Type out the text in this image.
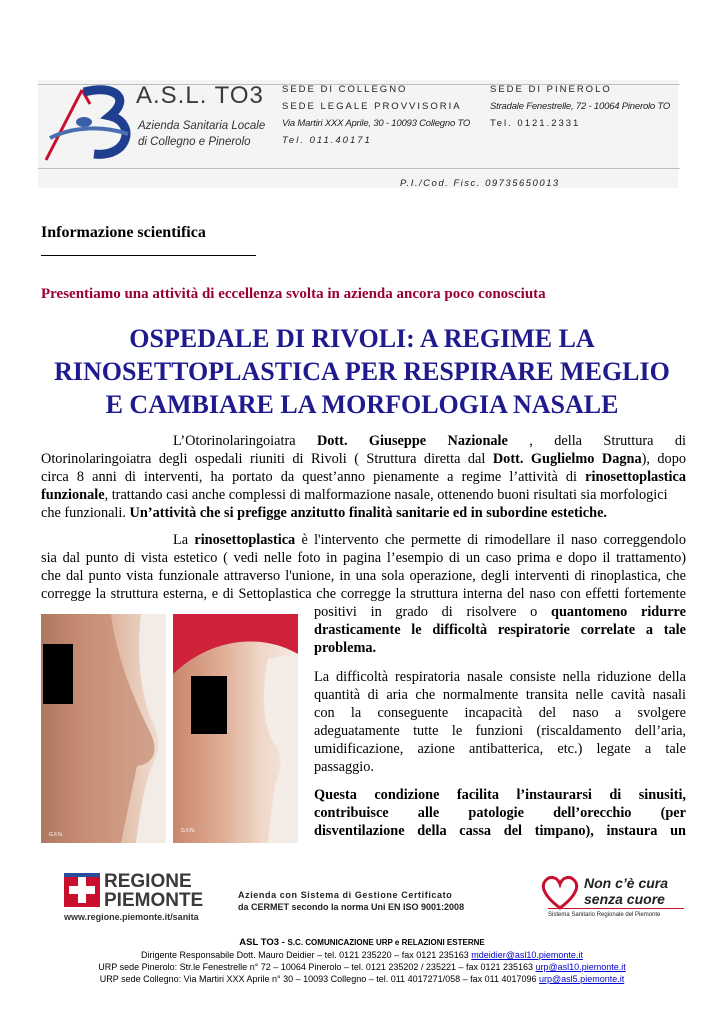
A.S.L. TO3
Azienda Sanitaria Locale
di Collegno e Pinerolo
SEDE DI COLLEGNO
SEDE LEGALE PROVVISORIA
Via Martiri XXX Aprile, 30 - 10093 Collegno TO
Tel. 011.40171
SEDE DI PINEROLO
Stradale Fenestrelle, 72 - 10064 Pinerolo TO
Tel. 0121.2331
P.I./Cod. Fisc. 09735650013
Informazione scientifica
Presentiamo una attività di eccellenza svolta in azienda ancora poco conosciuta
OSPEDALE DI RIVOLI: A REGIME LA
RINOSETTOPLASTICA PER RESPIRARE MEGLIO
E CAMBIARE LA MORFOLOGIA NASALE
L’Otorinolaringoiatra Dott. Giuseppe Nazionale , della Struttura di
Otorinolaringoiatra degli ospedali riuniti di Rivoli ( Struttura diretta dal Dott. Guglielmo Dagna), dopo
circa 8 anni di interventi, ha portato da quest’anno pienamente a regime l’attività di rinosettoplastica
funzionale, trattando casi anche complessi di malformazione nasale, ottenendo buoni risultati sia morfologici
che funzionali. Un’attività che si prefigge anzitutto finalità sanitarie ed in subordine estetiche.
La rinosettoplastica è l'intervento che permette di rimodellare il naso correggendolo
sia dal punto di vista estetico ( vedi nelle foto in pagina l’esempio di un caso prima e dopo il trattamento)
che dal punto vista funzionale attraverso l'unione, in una sola operazione, degli interventi di rinoplastica, che
corregge la struttura esterna, e di Settoplastica che corregge la struttura interna del naso con effetti fortemente
positivi in grado di risolvere o quantomeno ridurre
drasticamente le difficoltà respiratorie correlate a tale
problema.
La difficoltà respiratoria nasale consiste nella riduzione della
quantità di aria che normalmente transita nelle cavità nasali
con la conseguente incapacità del naso a svolgere
adeguatamente tutte le funzioni (riscaldamento dell’aria,
umidificazione, azione antibatterica, etc.) legate a tale
passaggio.
Questa condizione facilita l’instaurarsi di sinusiti,
contribuisce alle patologie dell’orecchio (per
disventilazione della cassa del timpano), instaura un
G.F.N.
G.F.N.
REGIONE
PIEMONTE
www.regione.piemonte.it/sanita
Azienda con Sistema di Gestione Certificato
da CERMET secondo la norma Uni EN ISO 9001:2008
Non c’è cura
senza cuore
Sistema Sanitario Regionale del Piemonte
ASL TO3 - S.C. COMUNICAZIONE URP e RELAZIONI ESTERNE
Dirigente Responsabile Dott. Mauro Deidier – tel. 0121 235220 – fax 0121 235163 mdeidier@asl10.piemonte.it
URP sede Pinerolo: Str.le Fenestrelle n° 72 – 10064 Pinerolo – tel. 0121 235202 / 235221 – fax 0121 235163 urp@asl10.piemonte.it
URP sede Collegno: Via Martiri XXX Aprile n° 30 – 10093 Collegno – tel. 011 4017271/058 – fax 011 4017096 urp@asl5.piemonte.it
